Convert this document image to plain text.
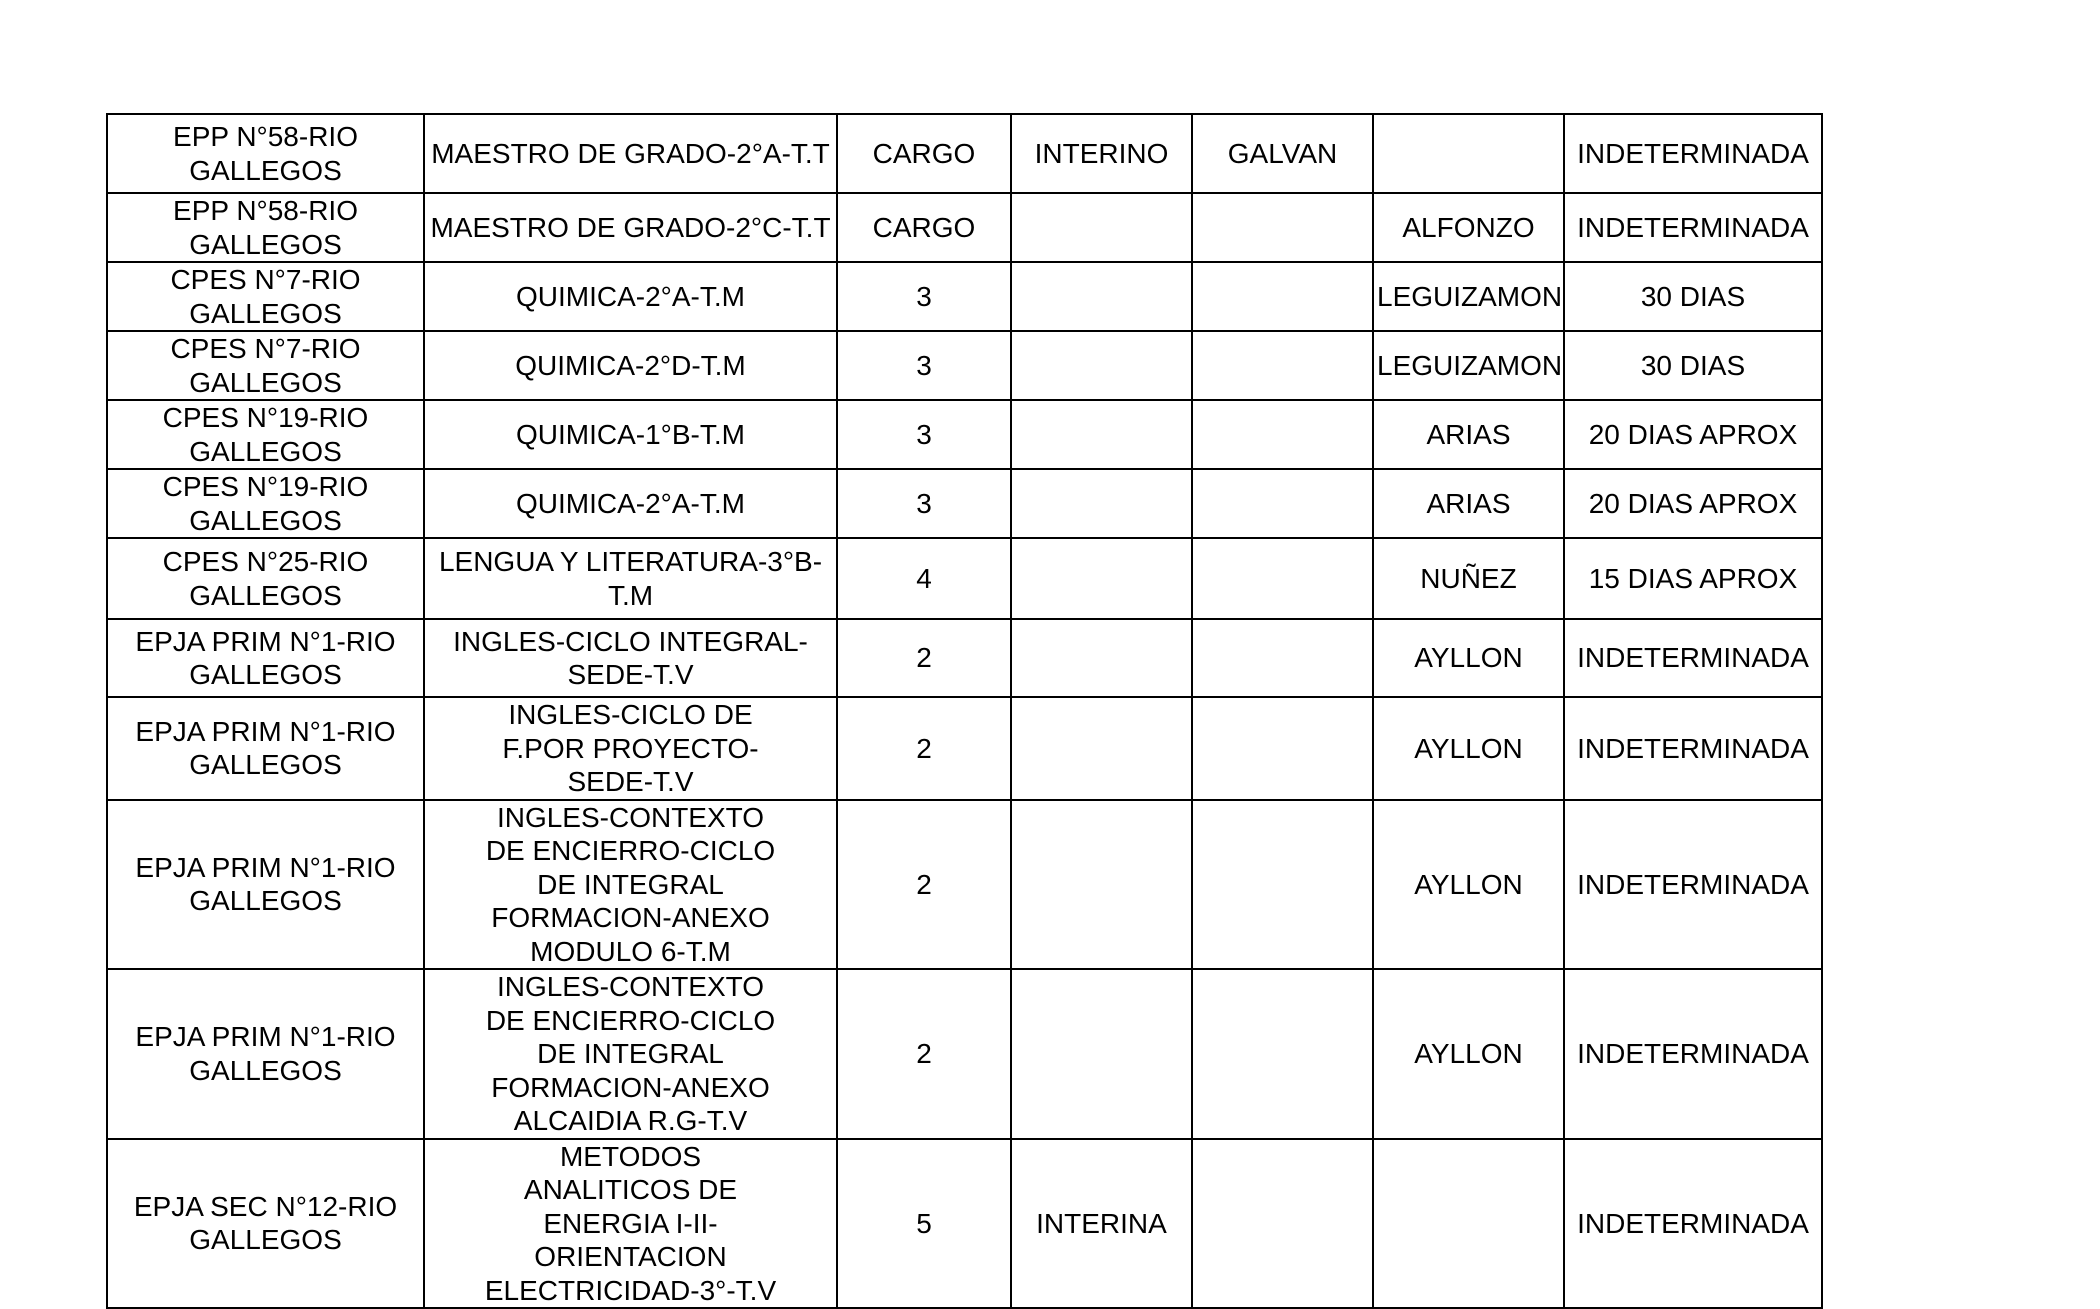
EPP N°58-RIO GALLEGOS	MAESTRO DE GRADO-2°A-T.T	CARGO	INTERINO	GALVAN		INDETERMINADA
EPP N°58-RIO GALLEGOS	MAESTRO DE GRADO-2°C-T.T	CARGO			ALFONZO	INDETERMINADA
CPES N°7-RIO GALLEGOS	QUIMICA-2°A-T.M	3			LEGUIZAMON	30 DIAS
CPES N°7-RIO GALLEGOS	QUIMICA-2°D-T.M	3			LEGUIZAMON	30 DIAS
CPES N°19-RIO GALLEGOS	QUIMICA-1°B-T.M	3			ARIAS	20 DIAS APROX
CPES N°19-RIO GALLEGOS	QUIMICA-2°A-T.M	3			ARIAS	20 DIAS APROX
CPES N°25-RIO GALLEGOS	LENGUA Y LITERATURA-3°B-T.M	4			NUÑEZ	15 DIAS APROX
EPJA PRIM N°1-RIO GALLEGOS	INGLES-CICLO INTEGRAL-SEDE-T.V	2			AYLLON	INDETERMINADA
EPJA PRIM N°1-RIO GALLEGOS	INGLES-CICLO DE F.POR PROYECTO-SEDE-T.V	2			AYLLON	INDETERMINADA
EPJA PRIM N°1-RIO GALLEGOS	INGLES-CONTEXTO DE ENCIERRO-CICLO DE INTEGRAL FORMACION-ANEXO MODULO 6-T.M	2			AYLLON	INDETERMINADA
EPJA PRIM N°1-RIO GALLEGOS	INGLES-CONTEXTO DE ENCIERRO-CICLO DE INTEGRAL FORMACION-ANEXO ALCAIDIA R.G-T.V	2			AYLLON	INDETERMINADA
EPJA SEC N°12-RIO GALLEGOS	METODOS ANALITICOS DE ENERGIA I-II-ORIENTACION ELECTRICIDAD-3°-T.V	5	INTERINA			INDETERMINADA
